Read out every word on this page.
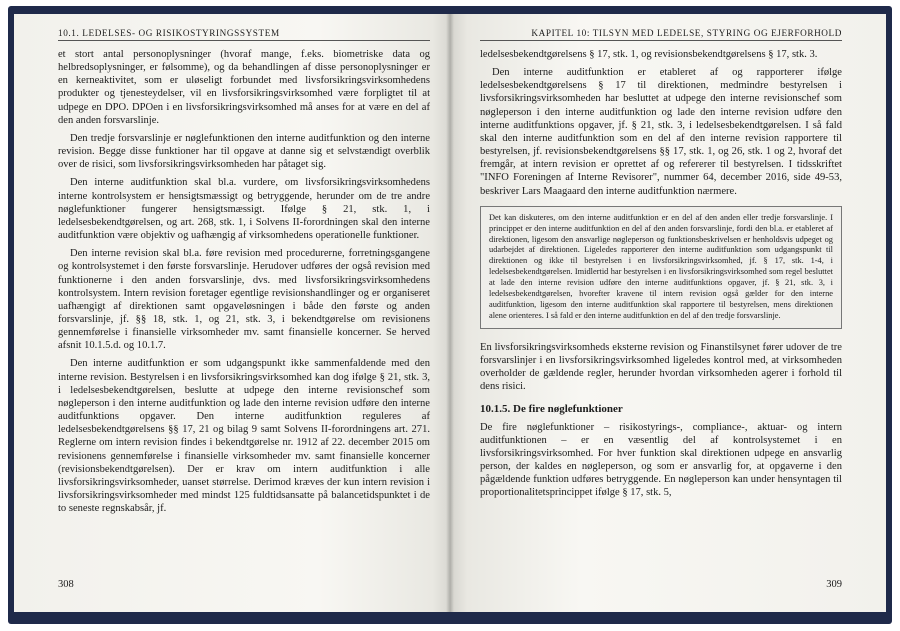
10.1. LEDELSES- OG RISIKOSTYRINGSSYSTEM

et stort antal personoplysninger (hvoraf mange, f.eks. biometriske data og helbredsoplysninger, er følsomme), og da behandlingen af disse personoplysninger er en kerneaktivitet, som er uløseligt forbundet med livsforsikringsvirksomhedens produkter og tjenesteydelser, vil en livsforsikringsvirksomhed være forpligtet til at udpege en DPO. DPOen i en livsforsikringsvirksomhed må anses for at være en del af den anden forsvarslinje.

Den tredje forsvarslinje er nøglefunktionen den interne auditfunktion og den interne revision. Begge disse funktioner har til opgave at danne sig et selvstændigt overblik over de risici, som livsforsikringsvirksomheden har påtaget sig.

Den interne auditfunktion skal bl.a. vurdere, om livsforsikringsvirksomhedens interne kontrolsystem er hensigtsmæssigt og betryggende, herunder om de tre andre nøglefunktioner fungerer hensigtsmæssigt. Ifølge § 21, stk. 1, i ledelsesbekendtgørelsen, og art. 268, stk. 1, i Solvens II-forordningen skal den interne auditfunktion være objektiv og uafhængig af virksomhedens operationelle funktioner.

Den interne revision skal bl.a. føre revision med procedurerne, forretningsgangene og kontrolsystemet i den første forsvarslinje. Herudover udføres der også revision med funktionerne i den anden forsvarslinje, dvs. med livsforsikringsvirksomhedens kontrolsystem. Intern revision foretager egentlige revisionshandlinger og er organiseret uafhængigt af direktionen samt opgaveløsningen i både den første og anden forsvarslinje, jf. §§ 18, stk. 1, og 21, stk. 3, i bekendtgørelse om revisionens gennemførelse i finansielle virksomheder mv. samt finansielle koncerner. Se herved afsnit 10.1.5.d. og 10.1.7.

Den interne auditfunktion er som udgangspunkt ikke sammenfaldende med den interne revision. Bestyrelsen i en livsforsikringsvirksomhed kan dog ifølge § 21, stk. 3, i ledelsesbekendtgørelsen, beslutte at udpege den interne revisionschef som nøgleperson i den interne auditfunktion og lade den interne revision udføre den interne auditfunktions opgaver. Den interne auditfunktion reguleres af ledelsesbekendtgørelsens §§ 17, 21 og bilag 9 samt Solvens II-forordningens art. 271. Reglerne om intern revision findes i bekendtgørelse nr. 1912 af 22. december 2015 om revisionens gennemførelse i finansielle virksomheder mv. samt finansielle koncerner (revisionsbekendtgørelsen). Der er krav om intern auditfunktion i alle livsforsikringsvirksomheder, uanset størrelse. Derimod kræves der kun intern revision i livsforsikringsvirksomheder med mindst 125 fuldtidsansatte på balancetidspunktet i de to seneste regnskabsår, jf.

308
KAPITEL 10: TILSYN MED LEDELSE, STYRING OG EJERFORHOLD

ledelsesbekendtgørelsens § 17, stk. 1, og revisionsbekendtgørelsens § 17, stk. 3.

Den interne auditfunktion er etableret af og rapporterer ifølge ledelsesbekendtgørelsens § 17 til direktionen, medmindre bestyrelsen i livsforsikringsvirksomheden har besluttet at udpege den interne revisionschef som nøgleperson i den interne auditfunktion og lade den interne revision udføre den interne auditfunktions opgaver, jf. § 21, stk. 3, i ledelsesbekendtgørelsen. I så fald skal den interne auditfunktion som en del af den interne revision rapportere til bestyrelsen, jf. revisionsbekendtgørelsens §§ 17, stk. 1, og 26, stk. 1 og 2, hvoraf det fremgår, at intern revision er oprettet af og refererer til bestyrelsen. I tidsskriftet "INFO Foreningen af Interne Revisorer", nummer 64, december 2016, side 49-53, beskriver Lars Maagaard den interne auditfunktion nærmere.

Det kan diskuteres, om den interne auditfunktion er en del af den anden eller tredje forsvarslinje. I princippet er den interne auditfunktion en del af den anden forsvarslinje, fordi den bl.a. er etableret af direktionen, ligesom den ansvarlige nøgleperson og funktionsbeskrivelsen er henholdsvis udpeget og udarbejdet af direktionen. Ligeledes rapporterer den interne auditfunktion som udgangspunkt til direktionen og ikke til bestyrelsen i en livsforsikringsvirksomhed, jf. § 17, stk. 1-4, i ledelsesbekendtgørelsen. Imidlertid har bestyrelsen i en livsforsikringsvirksomhed som regel besluttet at lade den interne revision udføre den interne auditfunktions opgaver, jf. § 21, stk. 3, i ledelsesbekendtgørelsen, hvorefter kravene til intern revision også gælder for den interne auditfunktion, ligesom den interne auditfunktion skal rapportere til bestyrelsen, mens direktionen alene orienteres. I så fald er den interne auditfunktion en del af den tredje forsvarslinje.

En livsforsikringsvirksomheds eksterne revision og Finanstilsynet fører udover de tre forsvarslinjer i en livsforsikringsvirksomhed ligeledes kontrol med, at virksomheden overholder de gældende regler, herunder hvordan virksomheden agerer i forhold til dens risici.

10.1.5. De fire nøglefunktioner

De fire nøglefunktioner – risikostyrings-, compliance-, aktuar- og intern auditfunktionen – er en væsentlig del af kontrolsystemet i en livsforsikringsvirksomhed. For hver funktion skal direktionen udpege en ansvarlig person, der kaldes en nøgleperson, og som er ansvarlig for, at opgaverne i den pågældende funktion udføres betryggende. En nøgleperson kan under hensyntagen til proportionalitetsprincippet ifølge § 17, stk. 5,

309
